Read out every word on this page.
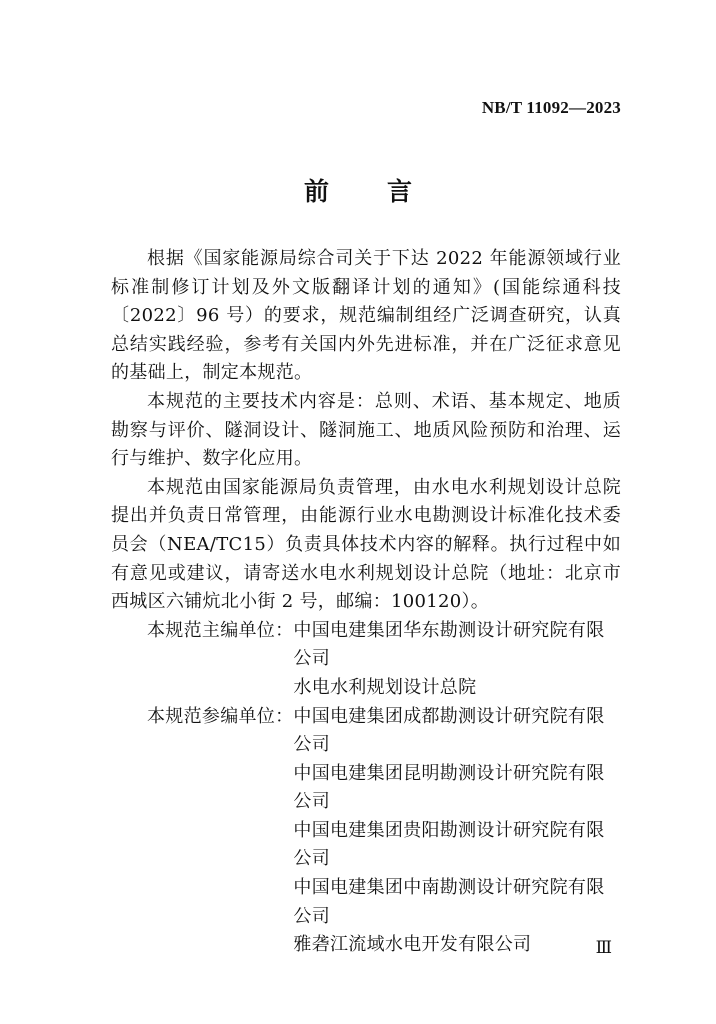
NB/T 11092—2023
前言

根据《国家能源局综合司关于下达 2022 年能源领域行业标准制修订计划及外文版翻译计划的通知》(国能综通科技〔2022〕96 号）的要求，规范编制组经广泛调查研究，认真总结实践经验，参考有关国内外先进标准，并在广泛征求意见的基础上，制定本规范。

本规范的主要技术内容是：总则、术语、基本规定、地质勘察与评价、隧洞设计、隧洞施工、地质风险预防和治理、运行与维护、数字化应用。

本规范由国家能源局负责管理，由水电水利规划设计总院提出并负责日常管理，由能源行业水电勘测设计标准化技术委员会（NEA/TC15）负责具体技术内容的解释。执行过程中如有意见或建议，请寄送水电水利规划设计总院（地址：北京市西城区六铺炕北小街 2 号，邮编：100120）。

本规范主编单位： 中国电建集团华东勘测设计研究院有限公司
水电水利规划设计总院
本规范参编单位： 中国电建集团成都勘测设计研究院有限公司
中国电建集团昆明勘测设计研究院有限公司
中国电建集团贵阳勘测设计研究院有限公司
中国电建集团中南勘测设计研究院有限公司
雅砻江流域水电开发有限公司	Ⅲ
